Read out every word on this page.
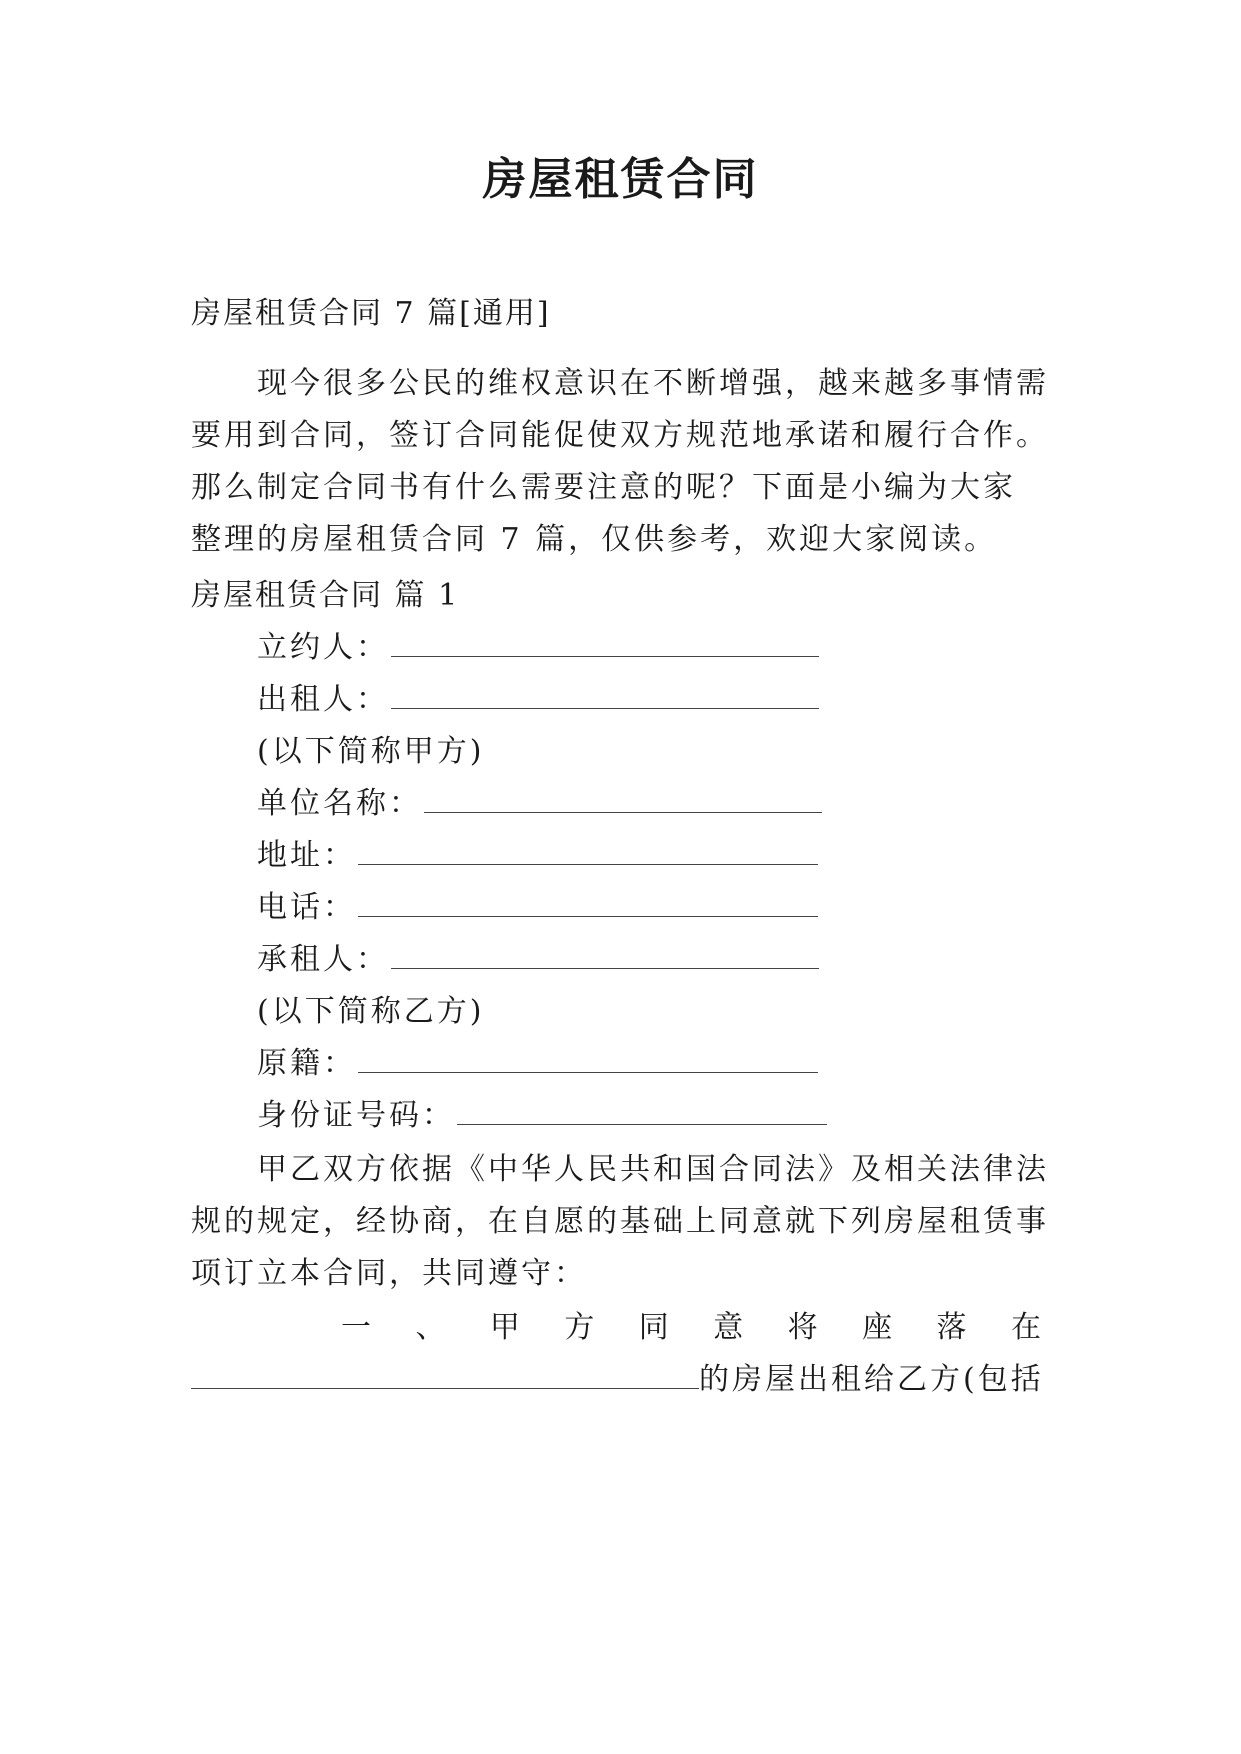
房屋租赁合同
房屋租赁合同 7 篇[通用]
现今很多公民的维权意识在不断增强，越来越多事情需
要用到合同，签订合同能促使双方规范地承诺和履行合作。
那么制定合同书有什么需要注意的呢？下面是小编为大家
整理的房屋租赁合同 7 篇，仅供参考，欢迎大家阅读。
房屋租赁合同 篇 1
立约人：
出租人：
(以下简称甲方)
单位名称：
地址：
电话：
承租人：
(以下简称乙方)
原籍：
身份证号码：
甲乙双方依据《中华人民共和国合同法》及相关法律法
规的规定，经协商，在自愿的基础上同意就下列房屋租赁事
项订立本合同，共同遵守：
一 、 甲 方 同 意 将 座 落 在
的房屋出租给乙方(包括
